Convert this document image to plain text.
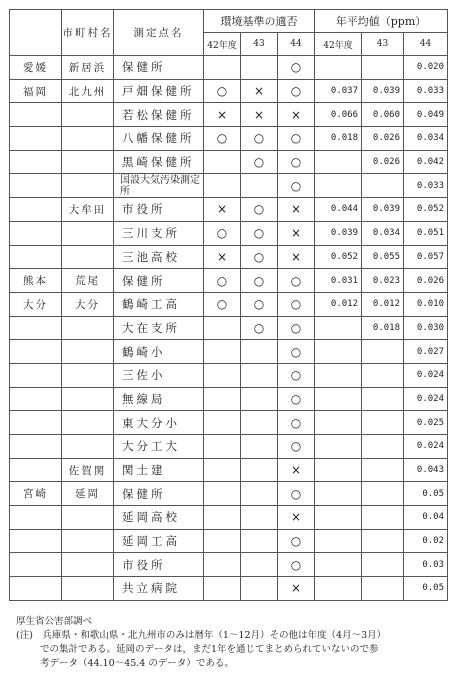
	市町村名	測定点名	環境基準の適否			年平均値（ppm）		
			42年度	43	44	42年度	43	44
愛媛	新居浜	保健所			○			0.020
福岡	北九州	戸畑保健所	○	×	○	0.037	0.039	0.033
		若松保健所	×	×	×	0.066	0.060	0.049
		八幡保健所	○	○	○	0.018	0.026	0.034
		黒崎保健所		○	○		0.026	0.042
		国設大気汚染測定所			○			0.033
	大牟田	市役所	×	○	×	0.044	0.039	0.052
		三川支所	○	○	×	0.039	0.034	0.051
		三池高校	×	○	×	0.052	0.055	0.057
熊本	荒尾	保健所	○	○	○	0.031	0.023	0.026
大分	大分	鶴崎工高	○	○	○	0.012	0.012	0.010
		大在支所		○	○		0.018	0.030
		鶴崎小			○			0.027
		三佐小			○			0.024
		無線局			○			0.024
		東大分小			○			0.025
		大分工大			○			0.024
	佐賀関	関土建			×			0.043
宮崎	延岡	保健所			○			0.05
		延岡高校			×			0.04
		延岡工高			○			0.02
		市役所			○			0.03
		共立病院			×			0.05

厚生省公害部調べ

(注)　兵庫県・和歌山県・北九州市のみは暦年（1〜12月）その他は年度（4月〜3月）

での集計である。延岡のデータは，まだ1年を通じてまとめられていないので参

考データ（44.10〜45.4 のデータ）である。
